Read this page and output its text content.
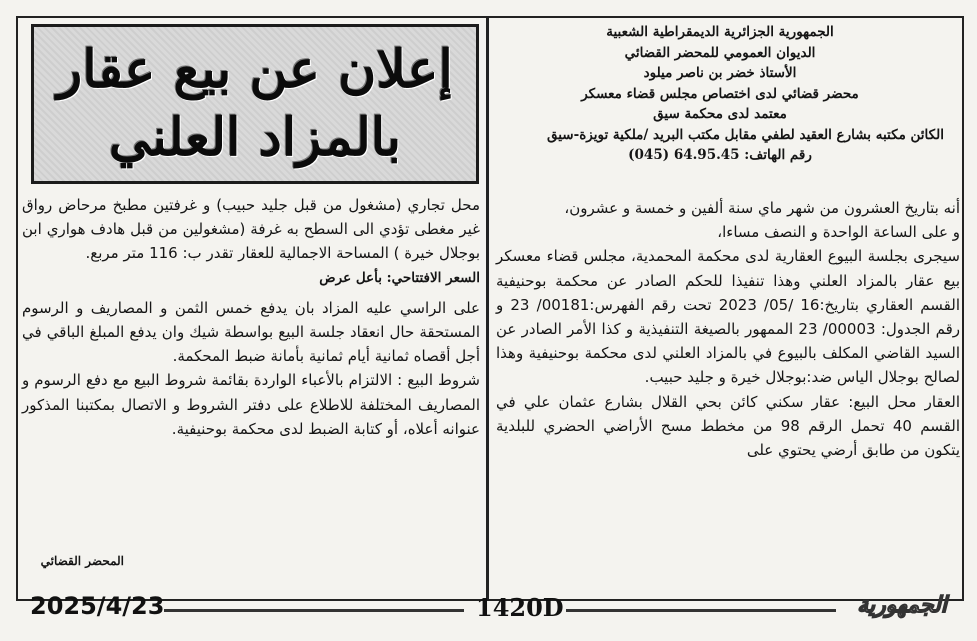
إعلان عن بيع عقار
بالمزاد العلني
الجمهورية الجزائرية الديمقراطية الشعبية
الديوان العمومي للمحضر القضائي
الأستاذ خضر بن ناصر ميلود
محضر قضائي لدى اختصاص مجلس قضاء معسكر
معتمد لدى محكمة سيق
الكائن مكتبه بشارع العقيد لطفي مقابل مكتب البريد /ملكية تويزة-سيق
رقم الهاتف: 64.95.45 (045)

أنه بتاريخ العشرون من شهر ماي سنة ألفين و خمسة و عشرون،

و على الساعة الواحدة و النصف مساءا،

سيجرى بجلسة البيوع العقارية لدى محكمة المحمدية، مجلس قضاء معسكر بيع عقار بالمزاد العلني وهذا تنفيذا للحكم الصادر عن محكمة بوحنيفية القسم العقاري بتاريخ:16 /05/ 2023 تحت رقم الفهرس:00181/ 23 و رقم الجدول: 00003/ 23 الممهور بالصيغة التنفيذية و كذا الأمر الصادر عن السيد القاضي المكلف بالبيوع في بالمزاد العلني لدى محكمة بوحنيفية وهذا لصالح بوجلال الياس ضد:بوجلال خيرة و جليد حبيب.

العقار محل البيع: عقار سكني كائن بحي القلال بشارع عثمان علي في القسم 40 تحمل الرقم 98 من مخطط مسح الأراضي الحضري للبلدية يتكون من طابق أرضي يحتوي على

محل تجاري (مشغول من قبل جليد حبيب) و غرفتين مطبخ مرحاض رواق غير مغطى تؤدي الى السطح به غرفة (مشغولين من قبل هادف هواري ابن بوجلال خيرة ) المساحة الاجمالية للعقار تقدر ب: 116 متر مربع.

السعر الافتتاحي: بأعل عرض

على الراسي عليه المزاد بان يدفع خمس الثمن و المصاريف و الرسوم المستحقة حال انعقاد جلسة البيع بواسطة شيك وان يدفع المبلغ الباقي في أجل أقصاه ثمانية أيام ثمانية بأمانة ضبط المحكمة.

شروط البيع : الالتزام بالأعباء الواردة بقائمة شروط البيع مع دفع الرسوم و المصاريف المختلفة للاطلاع على دفتر الشروط و الاتصال بمكتبنا المذكور عنوانه أعلاه، أو كتابة الضبط لدى محكمة بوحنيفية.

المحضر القضائي
2025/4/23	1420D	الجمهورية
